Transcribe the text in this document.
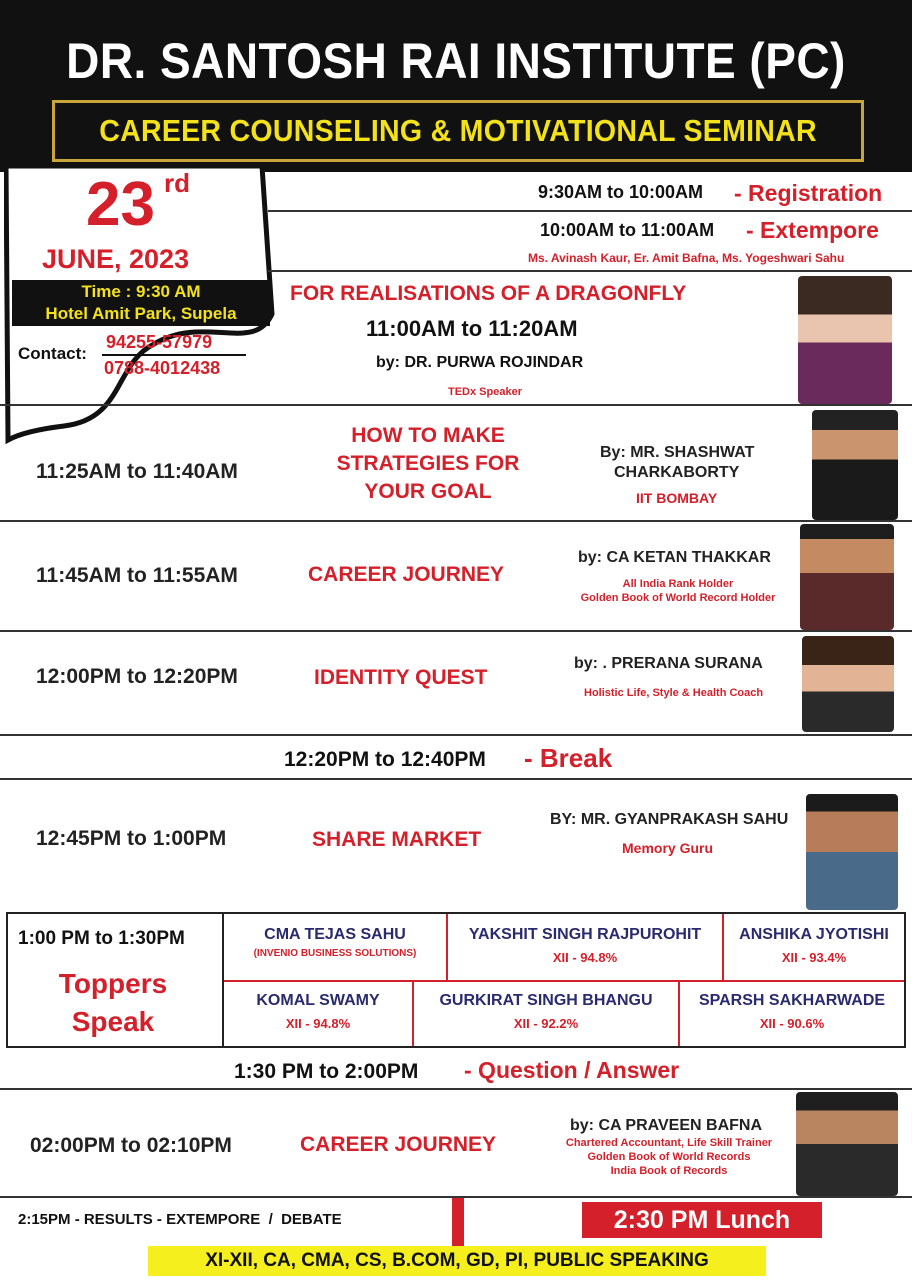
DR. SANTOSH RAI INSTITUTE (PC)
CAREER COUNSELING & MOTIVATIONAL SEMINAR
23 rd
JUNE, 2023
Time : 9:30 AM
Hotel Amit Park, Supela
Contact:
94255-57979
0788-4012438
9:30AM to 10:00AM - Registration
10:00AM to 11:00AM - Extempore
Ms. Avinash Kaur, Er. Amit Bafna, Ms. Yogeshwari Sahu
FOR REALISATIONS OF A DRAGONFLY
11:00AM to 11:20AM
by: DR. PURWA ROJINDAR
TEDx Speaker
11:25AM to 11:40AM
HOW TO MAKE
STRATEGIES FOR
YOUR GOAL
By: MR. SHASHWAT
CHARKABORTY
IIT BOMBAY
11:45AM to 11:55AM	CAREER JOURNEY
by: CA KETAN THAKKAR
All India Rank Holder
Golden Book of World Record Holder
12:00PM to 12:20PM	IDENTITY QUEST
by: . PRERANA SURANA
Holistic Life, Style & Health Coach
12:20PM to 12:40PM - Break
12:45PM to 1:00PM	SHARE MARKET
BY: MR. GYANPRAKASH SAHU
Memory Guru
1:00 PM to 1:30PM
Toppers
Speak
CMA TEJAS SAHU
(INVENIO BUSINESS SOLUTIONS)
YAKSHIT SINGH RAJPUROHIT
XII - 94.8%
ANSHIKA JYOTISHI
XII - 93.4%
KOMAL SWAMY
XII - 94.8%
GURKIRAT SINGH BHANGU
XII - 92.2%
SPARSH SAKHARWADE
XII - 90.6%
1:30 PM to 2:00PM - Question / Answer
02:00PM to 02:10PM	CAREER JOURNEY
by: CA PRAVEEN BAFNA
Chartered Accountant, Life Skill Trainer
Golden Book of World Records
India Book of Records
2:15PM - RESULTS - EXTEMPORE  /  DEBATE	2:30 PM Lunch
XI-XII, CA, CMA, CS, B.COM, GD, PI, PUBLIC SPEAKING
